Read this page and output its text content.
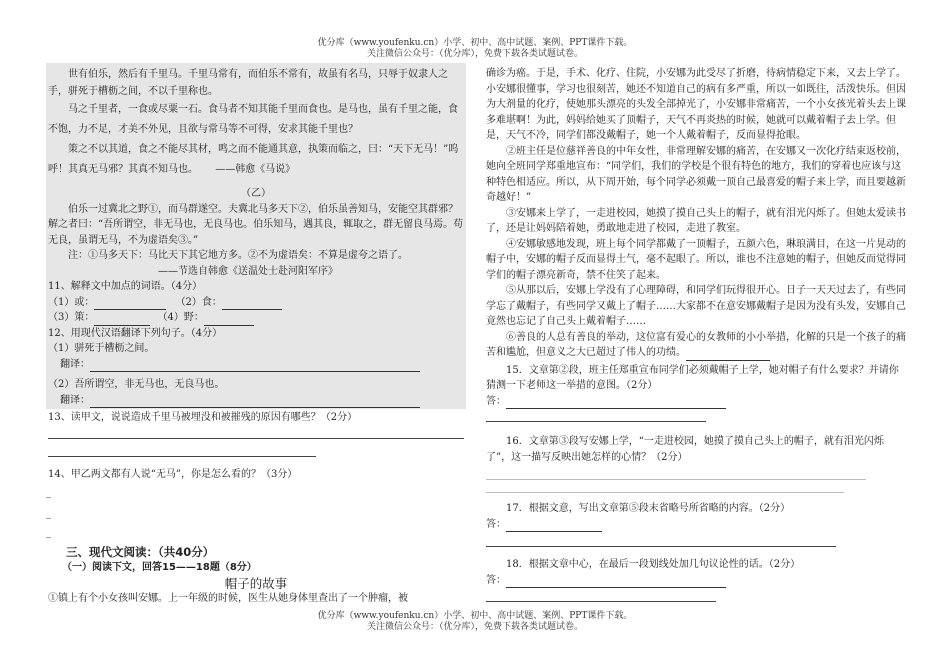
优分库（www.youfenku.cn）小学、初中、高中试题、案例、PPT课件下载。
关注微信公众号：（优分库），免费下载各类试题试卷。

世有伯乐，然后有千里马。千里马常有，而伯乐不常有，故虽有名马，只辱于奴隶人之手，骈死于槽枥之间，不以千里称也。

马之千里者，一食或尽粟一石。食马者不知其能千里而食也。是马也，虽有千里之能，食不饱，力不足，才美不外见，且欲与常马等不可得，安求其能千里也？

策之不以其道，食之不能尽其材，鸣之而不能通其意，执策而临之，曰：“天下无马！”呜呼！其真无马邪？其真不知马也。 ——韩愈《马说》

（乙）

伯乐一过冀北之野①，而马群遂空。夫冀北马多天下②，伯乐虽善知马，安能空其群邪？解之者曰：“吾所谓空，非无马也，无良马也。伯乐知马，遇其良，辄取之，群无留良马焉。苟无良，虽谓无马，不为虚语矣③。”

注：①马多天下：马比天下其它地方多。②不为虚语矣：不算是虚夸之语了。

——节选自韩愈《送温处士赴河阳军序》

11、解释文中加点的词语。（4分）

（1）或：	（2）食：

（3）策：	（4）野：

12、用现代汉语翻译下列句子。（4分）

（1）骈死于槽枥之间。

翻译：

（2）吾所谓空，非无马也，无良马也。

翻译：

13、读甲文，说说造成千里马被埋没和被摧残的原因有哪些？（2分）

14、甲乙两文都有人说“无马”，你是怎么看的？（3分）

_

_

_

三、现代文阅读：（共40分）

（一）阅读下文，回答15——18题（8分）

帽子的故事

①镇上有个小女孩叫安娜。上一年级的时候，医生从她身体里查出了一个肿瘤，被

确诊为癌。于是，手术、化疗、住院，小安娜为此受尽了折磨，待病情稳定下来，又去上学了。小安娜很懂事，学习也很刻苦，她还不知道自己的病有多严重，所以一如既往，活泼快乐。但因为大剂量的化疗，使她那头漂亮的头发全部掉光了，小安娜非常痛苦，一个小女孩光着头去上课多难堪啊！为此，妈妈给她买了顶帽子，天气不再炎热的时候，她就可以戴着帽子去上学。但是，天气不冷，同学们都没戴帽子，她一个人戴着帽子，反而显得抢眼。

②班主任是位慈祥善良的中年女性，非常理解安娜的痛苦，在安娜又一次化疗结束返校前，她向全班同学郑重地宣布：“同学们，我们的学校是个很有特色的地方，我们的穿着也应该与这种特色相适应。所以，从下周开始，每个同学必须戴一顶自己最喜爱的帽子来上学，而且要越新奇越好！”

③安娜来上学了，一走进校园，她摸了摸自己头上的帽子，就有泪光闪烁了。但她太爱读书了，还是让妈妈陪着她，勇敢地走进了校园，走进了教室。

④安娜敏感地发现，班上每个同学都戴了一顶帽子，五颜六色，琳琅满目，在这一片晃动的帽子中，安娜的帽子反而显得土气，毫不起眼了。所以，谁也不注意她的帽子，但她反而觉得同学们的帽子漂亮新奇，禁不住笑了起来。

⑤从那以后，安娜上学没有了心理障碍，和同学们玩得很开心。日子一天天过去了，有些同学忘了戴帽子，有些同学又戴上了帽子……大家都不在意安娜戴帽子是因为没有头发，安娜自己竟然也忘记了自己头上戴着帽子……

⑥善良的人总有善良的举动，这位富有爱心的女教师的小小举措，化解的只是一个孩子的痛苦和尴尬，但意义之大已超过了伟人的功绩。

15．文章第②段，班主任郑重宣布同学们必须戴帽子上学，她对帽子有什么要求？并请你猜测一下老师这一举措的意图。（2分）

答：

16．文章第③段写安娜上学，“一走进校园，她摸了摸自己头上的帽子，就有泪光闪烁了”，这一描写反映出她怎样的心情？（2分）

17．根据文意，写出文章第⑤段末省略号所省略的内容。（2分）

答：

18．根据文章中心，在最后一段划线处加几句议论性的话。（2分）

答：

优分库（www.youfenku.cn）小学、初中、高中试题、案例、PPT课件下载。
关注微信公众号：（优分库），免费下载各类试题试卷。
